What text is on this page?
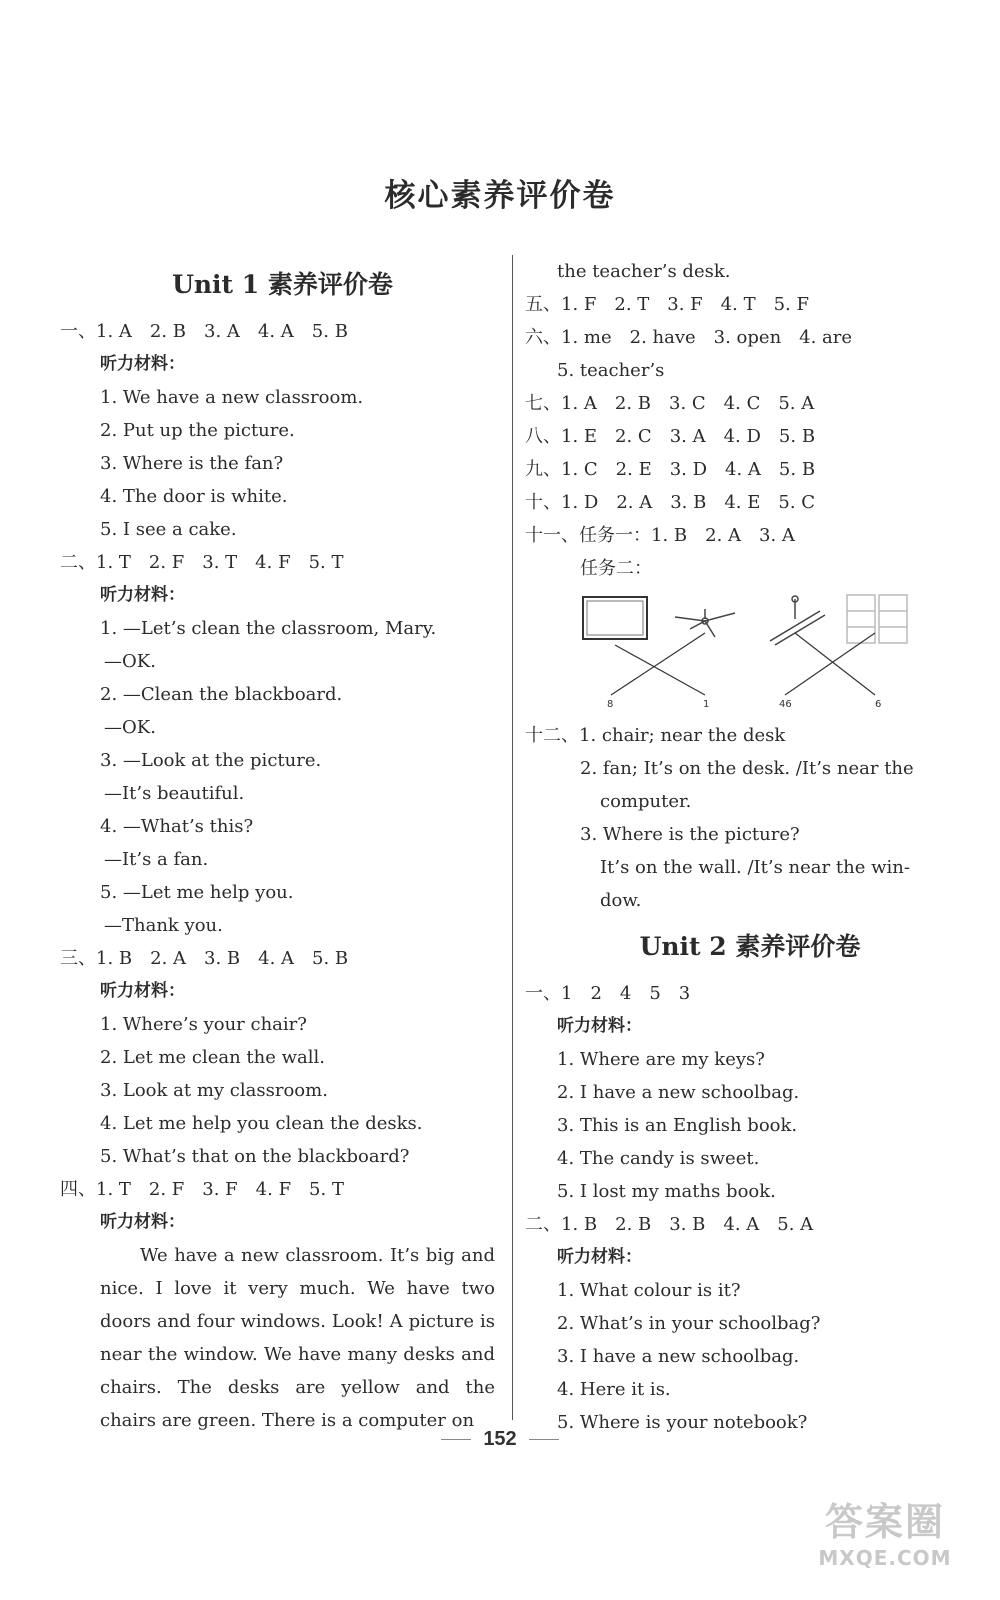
核心素养评价卷
Unit 1 素养评价卷
一、1. A　2. B　3. A　4. A　5. B
听力材料：
1. We have a new classroom.
2. Put up the picture.
3. Where is the fan?
4. The door is white.
5. I see a cake.
二、1. T　2. F　3. T　4. F　5. T
听力材料：
1. —Let’s clean the classroom, Mary.
—OK.
2. —Clean the blackboard.
—OK.
3. —Look at the picture.
—It’s beautiful.
4. —What’s this?
—It’s a fan.
5. —Let me help you.
—Thank you.
三、1. B　2. A　3. B　4. A　5. B
听力材料：
1. Where’s your chair?
2. Let me clean the wall.
3. Look at my classroom.
4. Let me help you clean the desks.
5. What’s that on the blackboard?
四、1. T　2. F　3. F　4. F　5. T
听力材料：
We have a new classroom. It’s big and nice. I love it very much. We have two doors and four windows. Look! A picture is near the window. We have many desks and chairs. The desks are yellow and the chairs are green. There is a computer on
the teacher’s desk.
五、1. F　2. T　3. F　4. T　5. F
六、1. me　2. have　3. open　4. are
5. teacher’s
七、1. A　2. B　3. C　4. C　5. A
八、1. E　2. C　3. A　4. D　5. B
九、1. C　2. E　3. D　4. A　5. B
十、1. D　2. A　3. B　4. E　5. C
十一、任务一：1. B　2. A　3. A
任务二：
8	1	46	6
十二、1. chair; near the desk
2. fan; It’s on the desk. /It’s near the
computer.
3. Where is the picture?
It’s on the wall. /It’s near the win-
dow.
Unit 2 素养评价卷
一、1　2　4　5　3
听力材料：
1. Where are my keys?
2. I have a new schoolbag.
3. This is an English book.
4. The candy is sweet.
5. I lost my maths book.
二、1. B　2. B　3. B　4. A　5. A
听力材料：
1. What colour is it?
2. What’s in your schoolbag?
3. I have a new schoolbag.
4. Here it is.
5. Where is your notebook?
152
答案圈
MXQE.COM
